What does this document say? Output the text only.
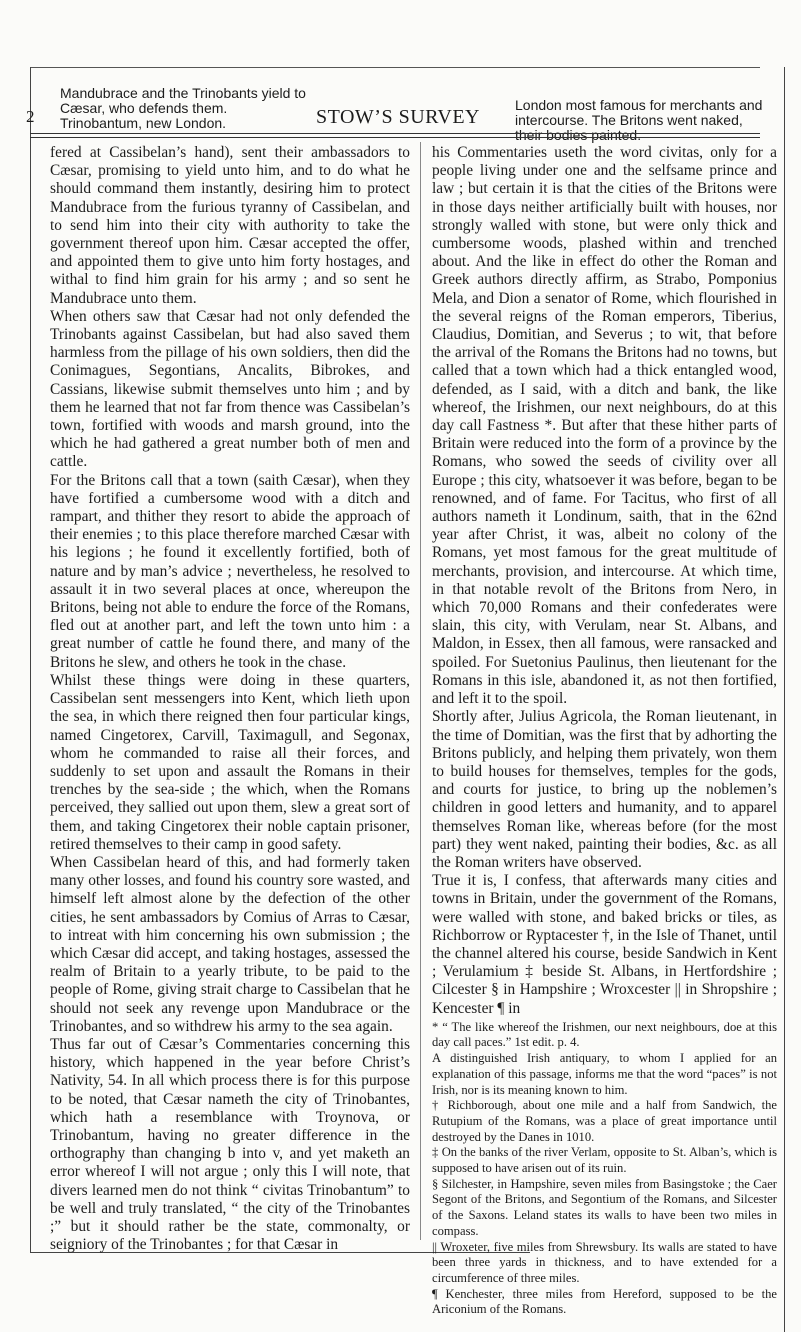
2
Mandubrace and the Trinobants yield to Cæsar, who defends them. Trinobantum, new London.	STOW’S SURVEY
London most famous for merchants and intercourse. The Britons went naked, their bodies painted.

fered at Cassibelan’s hand), sent their ambassadors to Cæsar, promising to yield unto him, and to do what he should command them instantly, desiring him to protect Mandubrace from the furious tyranny of Cassibelan, and to send him into their city with authority to take the government thereof upon him. Cæsar accepted the offer, and appointed them to give unto him forty hostages, and withal to find him grain for his army ; and so sent he Mandubrace unto them.

When others saw that Cæsar had not only defended the Trinobants against Cassibelan, but had also saved them harmless from the pillage of his own soldiers, then did the Conimagues, Segontians, Ancalits, Bibrokes, and Cassians, likewise submit themselves unto him ; and by them he learned that not far from thence was Cassibelan’s town, fortified with woods and marsh ground, into the which he had gathered a great number both of men and cattle.

For the Britons call that a town (saith Cæsar), when they have fortified a cumbersome wood with a ditch and rampart, and thither they resort to abide the approach of their enemies ; to this place therefore marched Cæsar with his legions ; he found it excellently fortified, both of nature and by man’s advice ; nevertheless, he resolved to assault it in two several places at once, whereupon the Britons, being not able to endure the force of the Romans, fled out at another part, and left the town unto him : a great number of cattle he found there, and many of the Britons he slew, and others he took in the chase.

Whilst these things were doing in these quarters, Cassibelan sent messengers into Kent, which lieth upon the sea, in which there reigned then four particular kings, named Cingetorex, Carvill, Taximagull, and Segonax, whom he commanded to raise all their forces, and suddenly to set upon and assault the Romans in their trenches by the sea-side ; the which, when the Romans perceived, they sallied out upon them, slew a great sort of them, and taking Cingetorex their noble captain prisoner, retired themselves to their camp in good safety.

When Cassibelan heard of this, and had formerly taken many other losses, and found his country sore wasted, and himself left almost alone by the defection of the other cities, he sent ambassadors by Comius of Arras to Cæsar, to intreat with him concerning his own submission ; the which Cæsar did accept, and taking hostages, assessed the realm of Britain to a yearly tribute, to be paid to the people of Rome, giving strait charge to Cassibelan that he should not seek any revenge upon Mandubrace or the Trinobantes, and so withdrew his army to the sea again.

Thus far out of Cæsar’s Commentaries concerning this history, which happened in the year before Christ’s Nativity, 54. In all which process there is for this purpose to be noted, that Cæsar nameth the city of Trinobantes, which hath a resemblance with Troynova, or Trinobantum, having no greater difference in the orthography than changing b into v, and yet maketh an error whereof I will not argue ; only this I will note, that divers learned men do not think “ civitas Trinobantum” to be well and truly translated, “ the city of the Trinobantes ;” but it should rather be the state, commonalty, or seigniory of the Trinobantes ; for that Cæsar in

his Commentaries useth the word civitas, only for a people living under one and the selfsame prince and law ; but certain it is that the cities of the Britons were in those days neither artificially built with houses, nor strongly walled with stone, but were only thick and cumbersome woods, plashed within and trenched about. And the like in effect do other the Roman and Greek authors directly affirm, as Strabo, Pomponius Mela, and Dion a senator of Rome, which flourished in the several reigns of the Roman emperors, Tiberius, Claudius, Domitian, and Severus ; to wit, that before the arrival of the Romans the Britons had no towns, but called that a town which had a thick entangled wood, defended, as I said, with a ditch and bank, the like whereof, the Irishmen, our next neighbours, do at this day call Fastness *. But after that these hither parts of Britain were reduced into the form of a province by the Romans, who sowed the seeds of civility over all Europe ; this city, whatsoever it was before, began to be renowned, and of fame. For Tacitus, who first of all authors nameth it Londinum, saith, that in the 62nd year after Christ, it was, albeit no colony of the Romans, yet most famous for the great multitude of merchants, provision, and intercourse. At which time, in that notable revolt of the Britons from Nero, in which 70,000 Romans and their confederates were slain, this city, with Verulam, near St. Albans, and Maldon, in Essex, then all famous, were ransacked and spoiled. For Suetonius Paulinus, then lieutenant for the Romans in this isle, abandoned it, as not then fortified, and left it to the spoil.

Shortly after, Julius Agricola, the Roman lieutenant, in the time of Domitian, was the first that by adhorting the Britons publicly, and helping them privately, won them to build houses for themselves, temples for the gods, and courts for justice, to bring up the noblemen’s children in good letters and humanity, and to apparel themselves Roman like, whereas before (for the most part) they went naked, painting their bodies, &c. as all the Roman writers have observed.

True it is, I confess, that afterwards many cities and towns in Britain, under the government of the Romans, were walled with stone, and baked bricks or tiles, as Richborrow or Ryptacester †, in the Isle of Thanet, until the channel altered his course, beside Sandwich in Kent ; Verulamium ‡ beside St. Albans, in Hertfordshire ; Cilcester § in Hampshire ; Wroxcester || in Shropshire ; Kencester ¶ in

* “ The like whereof the Irishmen, our next neighbours, doe at this day call paces.” 1st edit. p. 4.

A distinguished Irish antiquary, to whom I applied for an explanation of this passage, informs me that the word “paces” is not Irish, nor is its meaning known to him.

† Richborough, about one mile and a half from Sandwich, the Rutupium of the Romans, was a place of great importance until destroyed by the Danes in 1010.

‡ On the banks of the river Verlam, opposite to St. Alban’s, which is supposed to have arisen out of its ruin.

§ Silchester, in Hampshire, seven miles from Basingstoke ; the Caer Segont of the Britons, and Segontium of the Romans, and Silcester of the Saxons. Leland states its walls to have been two miles in compass.

|| Wroxeter, five miles from Shrewsbury. Its walls are stated to have been three yards in thickness, and to have extended for a circumference of three miles.

¶ Kenchester, three miles from Hereford, supposed to be the Ariconium of the Romans.
